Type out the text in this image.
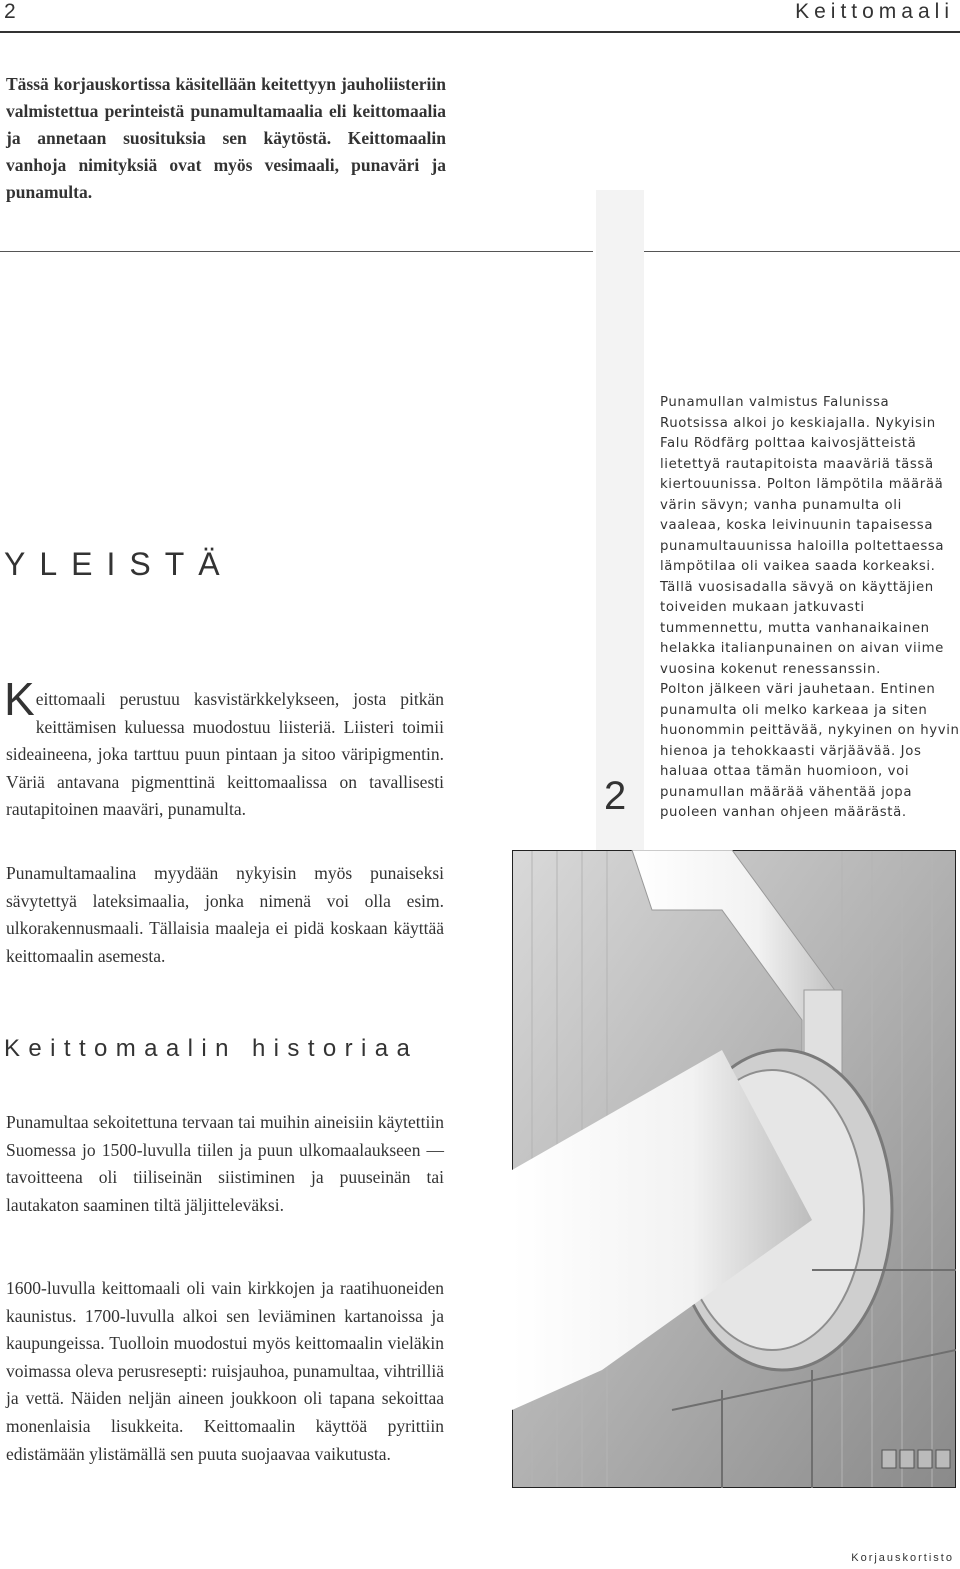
2	Keittomaali
Tässä korjauskortissa käsitellään keitettyyn jauholiisteriin valmistettua perinteistä punamultamaalia eli keittomaalia ja annetaan suosituksia sen käytöstä. Keittomaalin vanhoja nimityksiä ovat myös vesimaali, punaväri ja punamulta.
YLEISTÄ
Keittomaali perustuu kasvistärkkelykseen, josta pitkän keittämisen kuluessa muodostuu liisteriä. Liisteri toimii sideaineena, joka tarttuu puun pintaan ja sitoo väripigmentin. Väriä antavana pigmenttinä keittomaalissa on tavallisesti rautapitoinen maaväri, punamulta.
Punamultamaalina myydään nykyisin myös punaiseksi sävytettyä lateksimaalia, jonka nimenä voi olla esim. ulkorakennusmaali. Tällaisia maaleja ei pidä koskaan käyttää keittomaalin asemesta.
Keittomaalin historiaa
Punamultaa sekoitettuna tervaan tai muihin aineisiin käytettiin Suomessa jo 1500-luvulla tiilen ja puun ulkomaalaukseen — tavoitteena oli tiiliseinän siistiminen ja puuseinän tai lautakaton saaminen tiltä jäljitteleväksi.
1600-luvulla keittomaali oli vain kirkkojen ja raatihuoneiden kaunistus. 1700-luvulla alkoi sen leviäminen kartanoissa ja kaupungeissa. Tuolloin muodostui myös keittomaalin vieläkin voimassa oleva perusresepti: ruisjauhoa, punamultaa, vihtrilliä ja vettä. Näiden neljän aineen joukkoon oli tapana sekoittaa monenlaisia lisukkeita. Keittomaalin käyttöä pyrittiin edistämään ylistämällä sen puuta suojaavaa vaikutusta.
2
Punamullan valmistus Falunissa Ruotsissa alkoi jo keskiajalla. Nykyisin Falu Rödfärg polttaa kaivosjätteistä lietettyä rautapitoista maaväriä tässä kiertouunissa. Polton lämpötila määrää värin sävyn; vanha punamulta oli vaaleaa, koska leivinuunin tapaisessa punamultauunissa haloilla poltettaessa lämpötilaa oli vaikea saada korkeaksi. Tällä vuosisadalla sävyä on käyttäjien toiveiden mukaan jatkuvasti tummennettu, mutta vanhanaikainen helakka italianpunainen on aivan viime vuosina kokenut renessanssin.
Polton jälkeen väri jauhetaan. Entinen punamulta oli melko karkeaa ja siten huonommin peittävää, nykyinen on hyvin hienoa ja tehokkaasti värjäävää. Jos haluaa ottaa tämän huomioon, voi punamullan määrää vähentää jopa puoleen vanhan ohjeen määrästä.
Korjauskortisto
